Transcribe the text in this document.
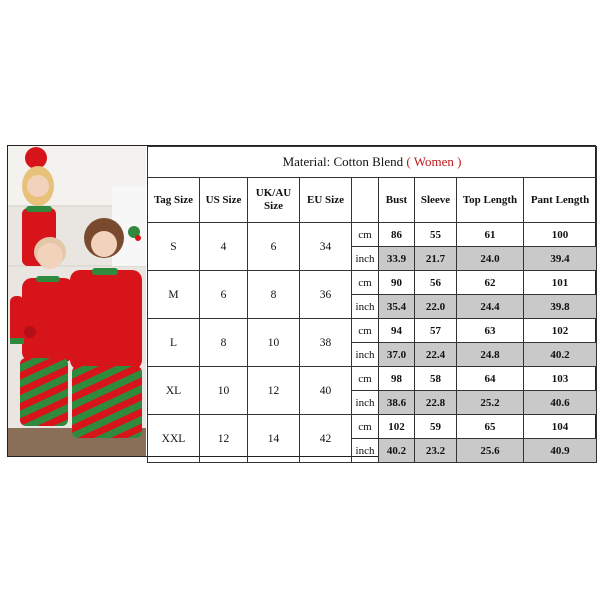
Material: Cotton Blend ( Women )								
Tag Size	US Size	UK/AU Size	EU Size		Bust	Sleeve	Top Length	Pant Length
S	4	6	34	cm	86	55	61	100
				inch	33.9	21.7	24.0	39.4
M	6	8	36	cm	90	56	62	101
				inch	35.4	22.0	24.4	39.8
L	8	10	38	cm	94	57	63	102
				inch	37.0	22.4	24.8	40.2
XL	10	12	40	cm	98	58	64	103
				inch	38.6	22.8	25.2	40.6
XXL	12	14	42	cm	102	59	65	104
				inch	40.2	23.2	25.6	40.9
